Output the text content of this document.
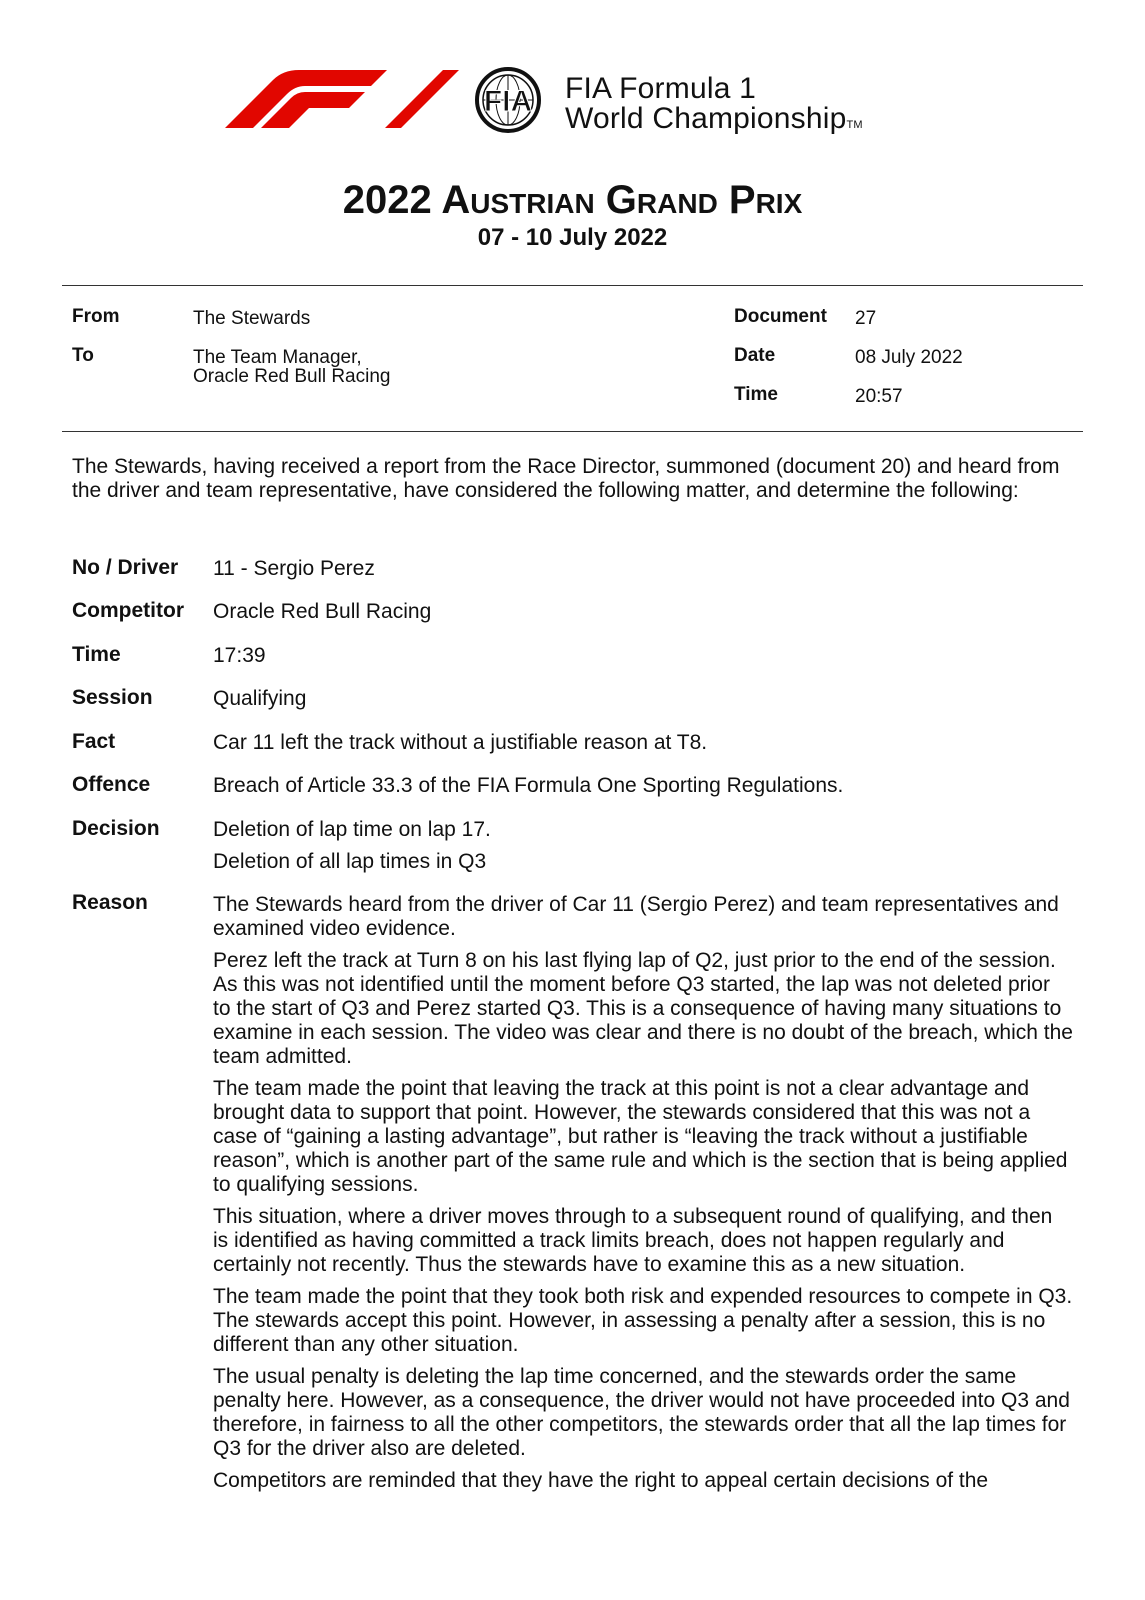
FIA FIA Formula 1
World ChampionshipTM
2022 Austrian Grand Prix

07 - 10 July 2022

From	The Stewards
To	The Team Manager,
Oracle Red Bull Racing
Document 27
Date	08 July 2022
Time	20:57

The Stewards, having received a report from the Race Director, summoned (document 20) and heard from the driver and team representative, have considered the following matter, and determine the following:

No / Driver 11 - Sergio Perez
Competitor Oracle Red Bull Racing
Time	17:39
Session	Qualifying
Fact	Car 11 left the track without a justifiable reason at T8.
Offence	Breach of Article 33.3 of the FIA Formula One Sporting Regulations.
Decision	Deletion of lap time on lap 17.
Deletion of all lap times in Q3
Reason	The Stewards heard from the driver of Car 11 (Sergio Perez) and team representatives and examined video evidence.

Perez left the track at Turn 8 on his last flying lap of Q2, just prior to the end of the session. As this was not identified until the moment before Q3 started, the lap was not deleted prior to the start of Q3 and Perez started Q3. This is a consequence of having many situations to examine in each session. The video was clear and there is no doubt of the breach, which the team admitted.

The team made the point that leaving the track at this point is not a clear advantage and brought data to support that point. However, the stewards considered that this was not a case of “gaining a lasting advantage”, but rather is “leaving the track without a justifiable reason”, which is another part of the same rule and which is the section that is being applied to qualifying sessions.

This situation, where a driver moves through to a subsequent round of qualifying, and then is identified as having committed a track limits breach, does not happen regularly and certainly not recently. Thus the stewards have to examine this as a new situation.

The team made the point that they took both risk and expended resources to compete in Q3. The stewards accept this point. However, in assessing a penalty after a session, this is no different than any other situation.

The usual penalty is deleting the lap time concerned, and the stewards order the same penalty here. However, as a consequence, the driver would not have proceeded into Q3 and therefore, in fairness to all the other competitors, the stewards order that all the lap times for Q3 for the driver also are deleted.

Competitors are reminded that they have the right to appeal certain decisions of the
